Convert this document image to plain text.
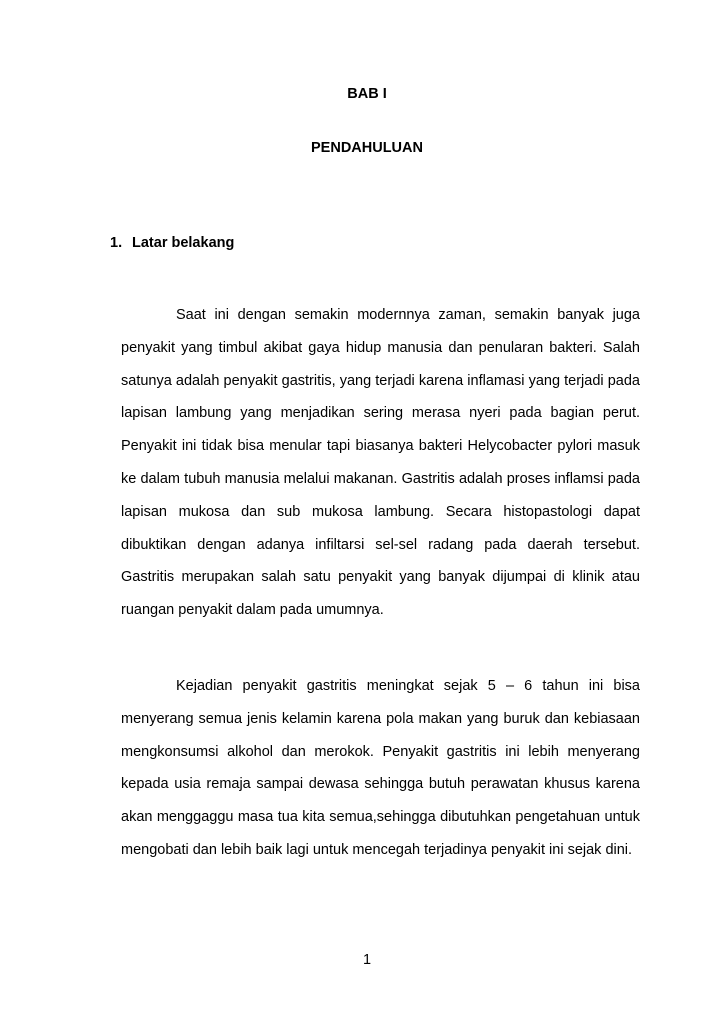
BAB I
PENDAHULUAN
1. Latar belakang

Saat ini dengan semakin modernnya zaman, semakin banyak juga penyakit yang timbul akibat gaya hidup manusia dan penularan bakteri. Salah satunya adalah penyakit gastritis, yang terjadi karena inflamasi yang terjadi pada lapisan lambung yang menjadikan sering merasa nyeri pada bagian perut. Penyakit ini tidak bisa menular tapi biasanya bakteri Helycobacter pylori masuk ke dalam tubuh manusia melalui makanan. Gastritis adalah proses inflamsi pada lapisan mukosa dan sub mukosa lambung. Secara histopastologi dapat dibuktikan dengan adanya infiltarsi sel-sel radang pada daerah tersebut. Gastritis merupakan salah satu penyakit yang banyak dijumpai di klinik atau ruangan penyakit dalam pada umumnya.

Kejadian penyakit gastritis meningkat sejak 5 – 6 tahun ini bisa menyerang semua jenis kelamin karena pola makan yang buruk dan kebiasaan mengkonsumsi alkohol dan merokok. Penyakit gastritis ini lebih menyerang kepada usia remaja sampai dewasa sehingga butuh perawatan khusus karena akan menggaggu masa tua kita semua,sehingga dibutuhkan pengetahuan untuk mengobati dan lebih baik lagi untuk mencegah terjadinya penyakit ini sejak dini.

1
